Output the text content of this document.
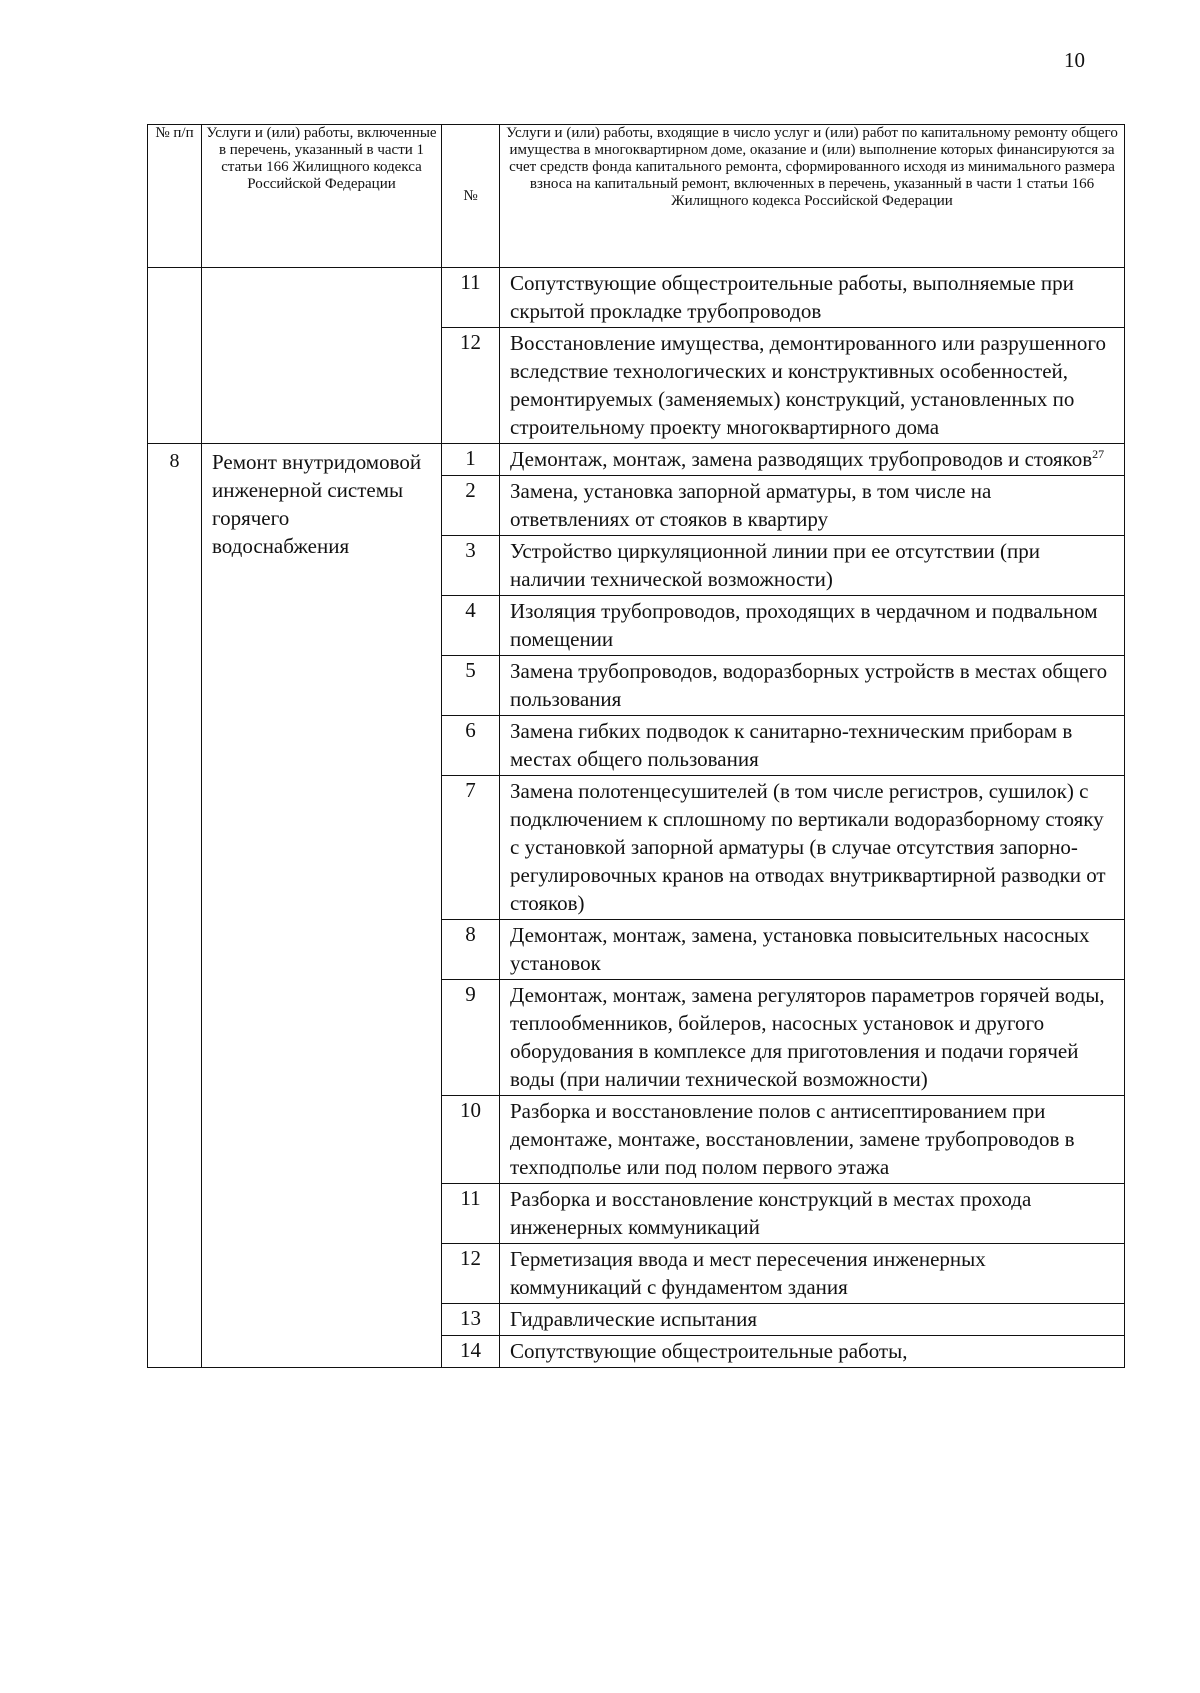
10
№ п/п	Услуги и (или) работы, включенные в перечень, указанный в части 1 статьи 166 Жилищного кодекса Российской Федерации	№	Услуги и (или) работы, входящие в число услуг и (или) работ по капитальному ремонту общего имущества в многоквартирном доме, оказание и (или) выполнение которых финансируются за счет средств фонда капитального ремонта, сформированного исходя из минимального размера взноса на капитальный ремонт, включенных в перечень, указанный в части 1 статьи 166 Жилищного кодекса Российской Федерации
		11	Сопутствующие общестроительные работы, выполняемые при скрытой прокладке трубопроводов
		12	Восстановление имущества, демонтированного или разрушенного вследствие технологических и конструктивных особенностей, ремонтируемых (заменяемых) конструкций, установленных по строительному проекту многоквартирного дома
8	Ремонт внутридомовой инженерной системы горячего водоснабжения	1	Демонтаж, монтаж, замена разводящих трубопроводов и стояков$^{27}$
		2	Замена, установка запорной арматуры, в том числе на ответвлениях от стояков в квартиру
		3	Устройство циркуляционной линии при ее отсутствии (при наличии технической возможности)
		4	Изоляция трубопроводов, проходящих в чердачном и подвальном помещении
		5	Замена трубопроводов, водоразборных устройств в местах общего пользования
		6	Замена гибких подводок к санитарно-техническим приборам в местах общего пользования
		7	Замена полотенцесушителей (в том числе регистров, сушилок) с подключением к сплошному по вертикали водоразборному стояку с установкой запорной арматуры (в случае отсутствия запорно-регулировочных кранов на отводах внутриквартирной разводки от стояков)
		8	Демонтаж, монтаж, замена, установка повысительных насосных установок
		9	Демонтаж, монтаж, замена регуляторов параметров горячей воды, теплообменников, бойлеров, насосных установок и другого оборудования в комплексе для приготовления и подачи горячей воды (при наличии технической возможности)
		10	Разборка и восстановление полов с антисептированием при демонтаже, монтаже, восстановлении, замене трубопроводов в техподполье или под полом первого этажа
		11	Разборка и восстановление конструкций в местах прохода инженерных коммуникаций
		12	Герметизация ввода и мест пересечения инженерных коммуникаций с фундаментом здания
		13	Гидравлические испытания
		14	Сопутствующие общестроительные работы,
